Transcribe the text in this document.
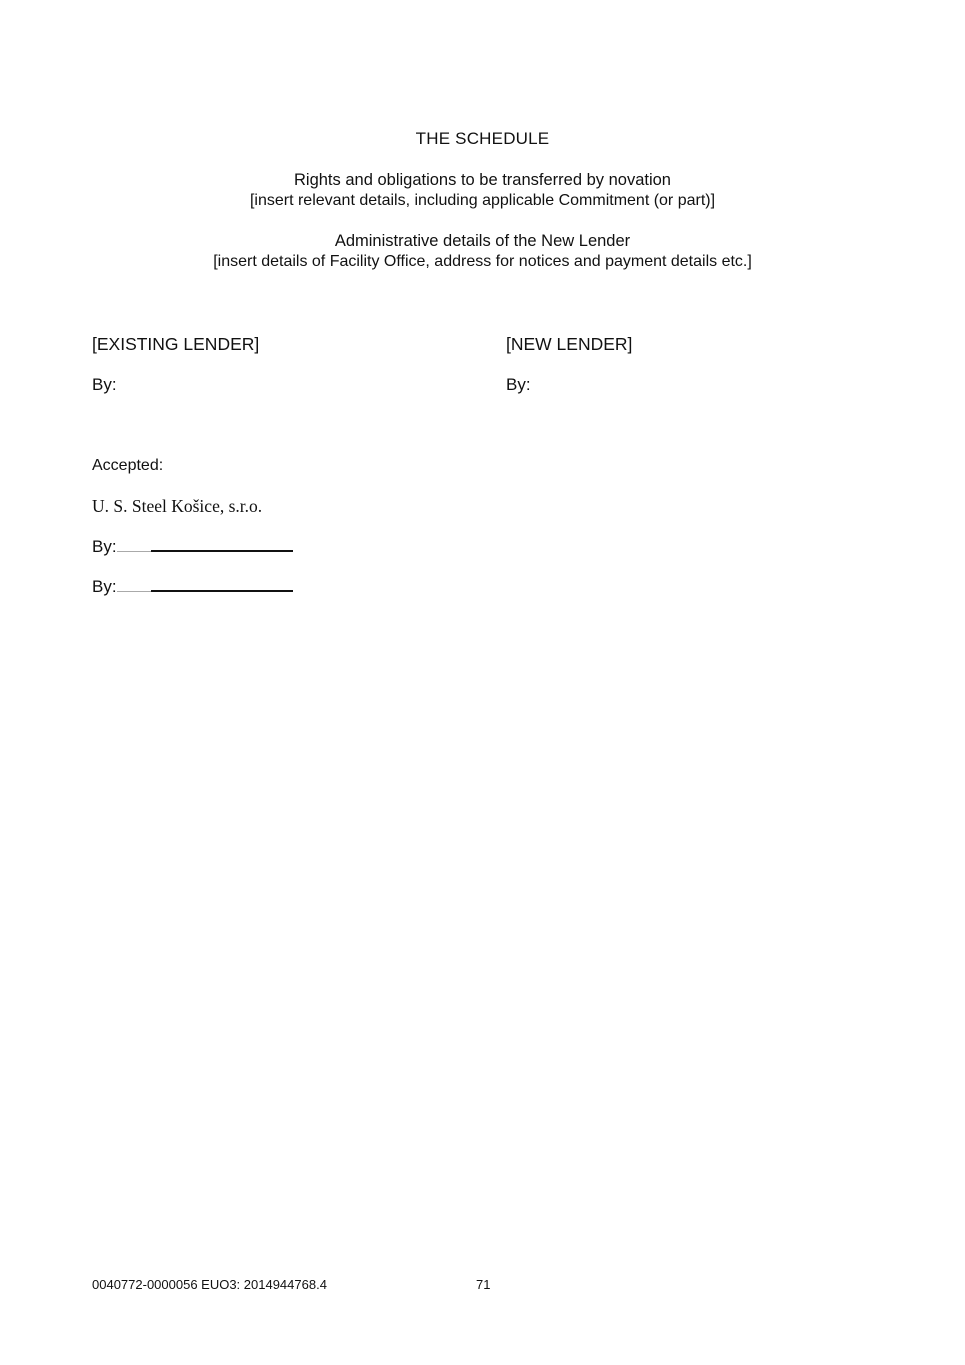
THE SCHEDULE
Rights and obligations to be transferred by novation
[insert relevant details, including applicable Commitment (or part)]
Administrative details of the New Lender
[insert details of Facility Office, address for notices and payment details etc.]
[EXISTING LENDER]	[NEW LENDER]
By:	By:
Accepted:
U. S. Steel Košice, s.r.o.
By:
By:
0040772-0000056 EUO3: 2014944768.4	71
